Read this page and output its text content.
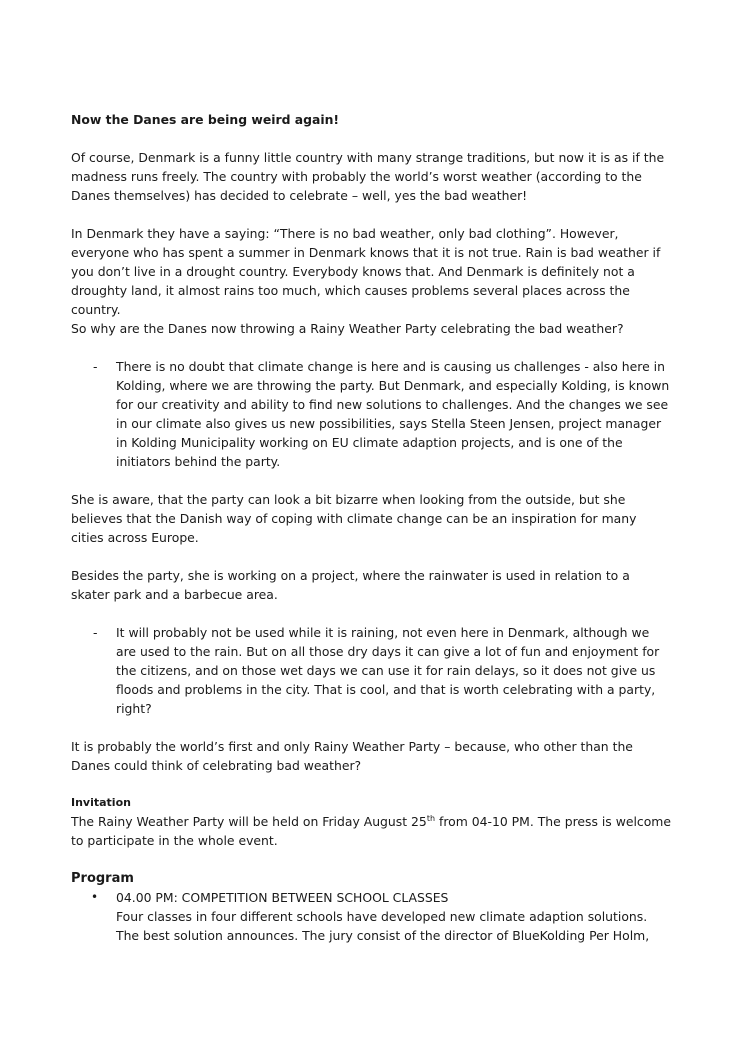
Now the Danes are being weird again!

Of course, Denmark is a funny little country with many strange traditions, but now it is as if the madness runs freely. The country with probably the world’s worst weather (according to the Danes themselves) has decided to celebrate – well, yes the bad weather!

In Denmark they have a saying: “There is no bad weather, only bad clothing”. However, everyone who has spent a summer in Denmark knows that it is not true. Rain is bad weather if you don’t live in a drought country. Everybody knows that. And Denmark is definitely not a droughty land, it almost rains too much, which causes problems several places across the country.

So why are the Danes now throwing a Rainy Weather Party celebrating the bad weather?

-	There is no doubt that climate change is here and is causing us challenges - also here in Kolding, where we are throwing the party. But Denmark, and especially Kolding, is known for our creativity and ability to find new solutions to challenges. And the changes we see in our climate also gives us new possibilities, says Stella Steen Jensen, project manager in Kolding Municipality working on EU climate adaption projects, and is one of the initiators behind the party.

She is aware, that the party can look a bit bizarre when looking from the outside, but she believes that the Danish way of coping with climate change can be an inspiration for many cities across Europe.

Besides the party, she is working on a project, where the rainwater is used in relation to a skater park and a barbecue area.

-	It will probably not be used while it is raining, not even here in Denmark, although we are used to the rain. But on all those dry days it can give a lot of fun and enjoyment for the citizens, and on those wet days we can use it for rain delays, so it does not give us floods and problems in the city. That is cool, and that is worth celebrating with a party, right?

It is probably the world’s first and only Rainy Weather Party – because, who other than the Danes could think of celebrating bad weather?

Invitation

The Rainy Weather Party will be held on Friday August 25th from 04-10 PM. The press is welcome to participate in the whole event.

Program
•	04.00 PM: COMPETITION BETWEEN SCHOOL CLASSES
Four classes in four different schools have developed new climate adaption solutions. The best solution announces. The jury consist of the director of BlueKolding Per Holm,
